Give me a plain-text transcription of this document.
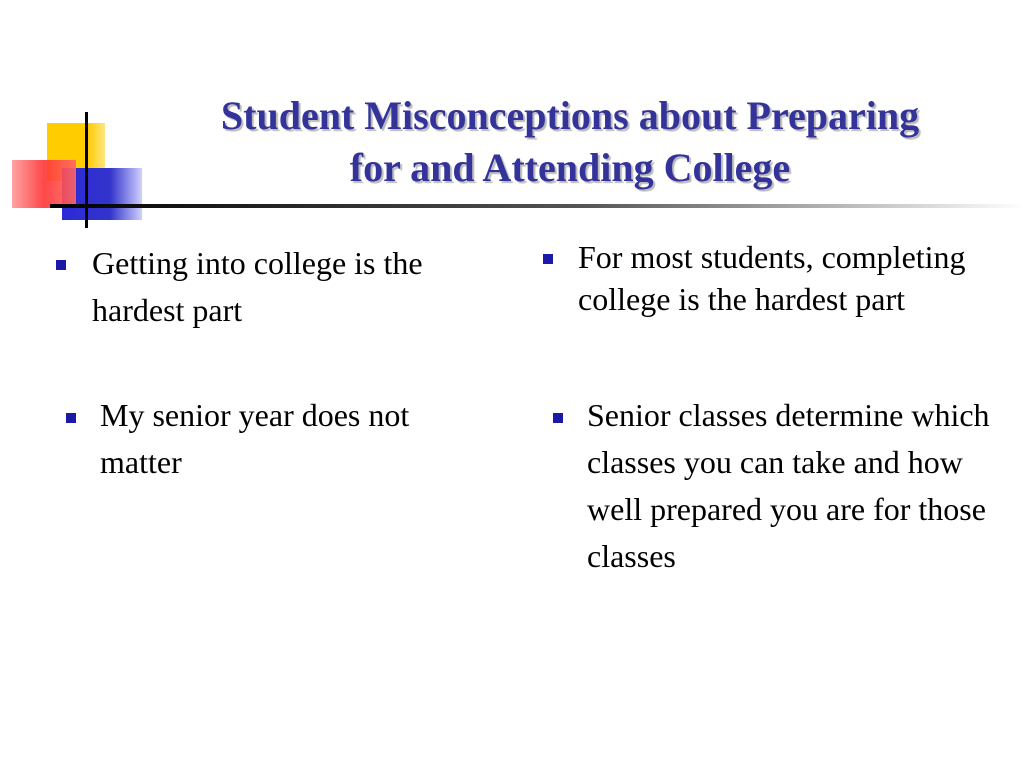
Student Misconceptions about Preparing
for and Attending College
Getting into college is the hardest part
For most students, completing college is the hardest part
My senior year does not matter
Senior classes determine which classes you can take and how well prepared you are for those classes
